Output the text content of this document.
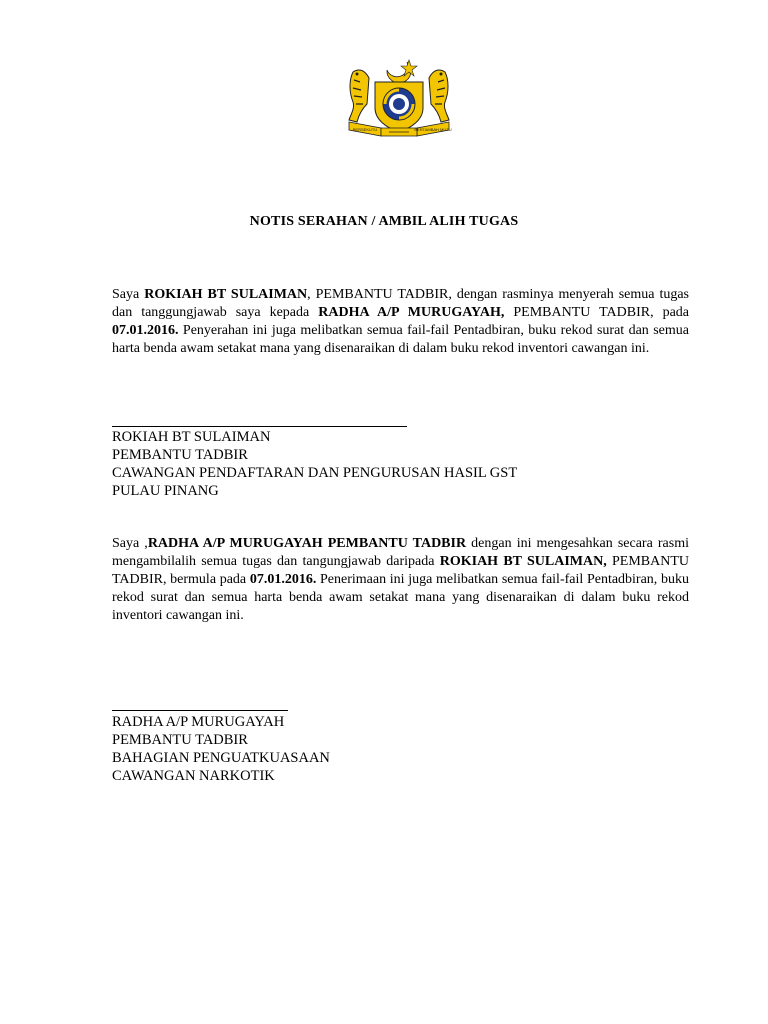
BERSEKUTU	BERTAMBAH MUTU
NOTIS SERAHAN / AMBIL ALIH TUGAS
Saya ROKIAH BT SULAIMAN, PEMBANTU TADBIR, dengan rasminya menyerah semua tugas dan tanggungjawab saya kepada RADHA A/P MURUGAYAH, PEMBANTU TADBIR, pada 07.01.2016. Penyerahan ini juga melibatkan semua fail-fail Pentadbiran, buku rekod surat dan semua harta benda awam setakat mana yang disenaraikan di dalam buku rekod inventori cawangan ini.
ROKIAH BT SULAIMAN
PEMBANTU TADBIR
CAWANGAN PENDAFTARAN DAN PENGURUSAN HASIL GST
PULAU PINANG
Saya ,RADHA A/P MURUGAYAH PEMBANTU TADBIR dengan ini mengesahkan secara rasmi mengambilalih semua tugas dan tangungjawab daripada ROKIAH BT SULAIMAN, PEMBANTU TADBIR, bermula pada 07.01.2016. Penerimaan ini juga melibatkan semua fail-fail Pentadbiran, buku rekod surat dan semua harta benda awam setakat mana yang disenaraikan di dalam buku rekod inventori cawangan ini.
RADHA A/P MURUGAYAH
PEMBANTU TADBIR
BAHAGIAN PENGUATKUASAAN
CAWANGAN NARKOTIK
